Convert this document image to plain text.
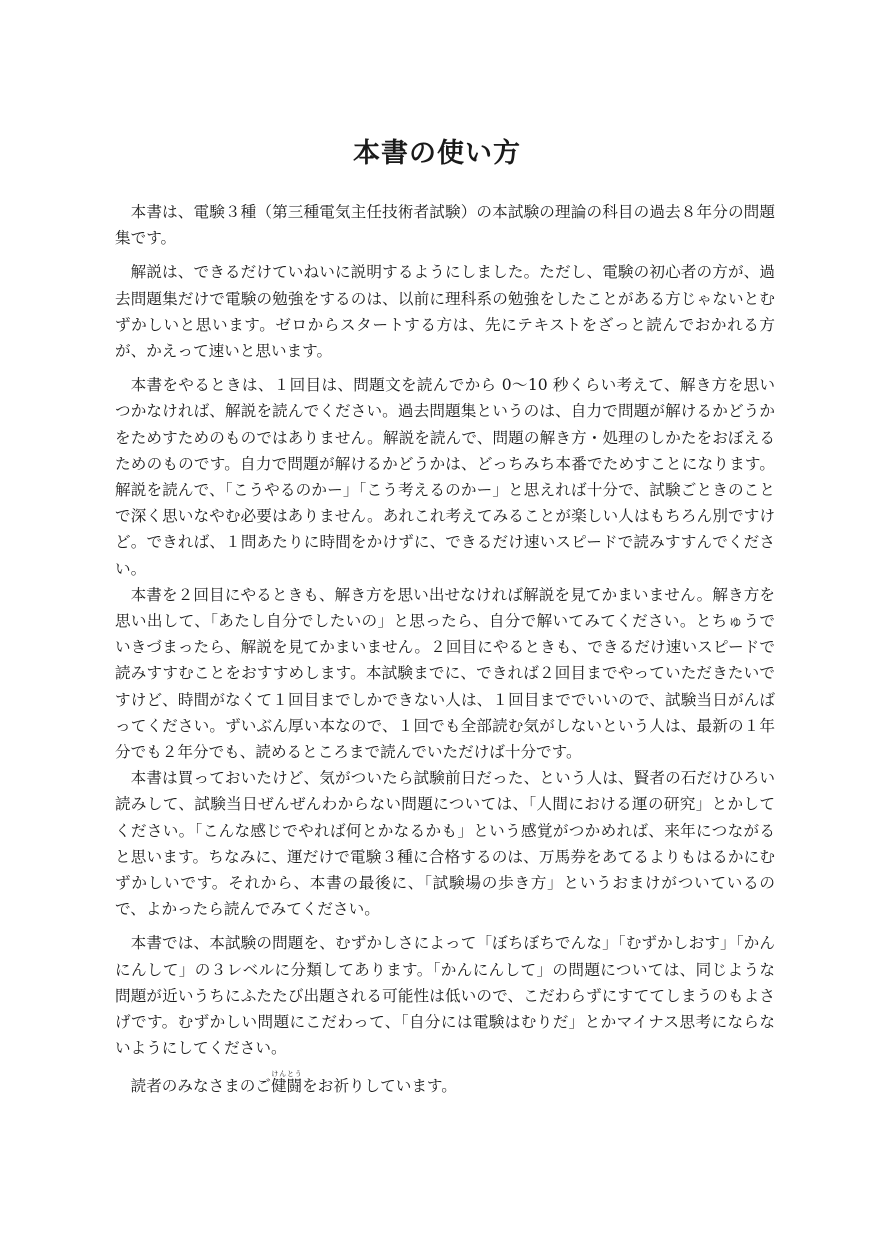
本書の使い方

本書は、電験３種（第三種電気主任技術者試験）の本試験の理論の科目の過去８年分の問題集です。

解説は、できるだけていねいに説明するようにしました。ただし、電験の初心者の方が、過去問題集だけで電験の勉強をするのは、以前に理科系の勉強をしたことがある方じゃないとむずかしいと思います。ゼロからスタートする方は、先にテキストをざっと読んでおかれる方が、かえって速いと思います。

本書をやるときは、１回目は、問題文を読んでから 0〜10 秒くらい考えて、解き方を思いつかなければ、解説を読んでください。過去問題集というのは、自力で問題が解けるかどうかをためすためのものではありません。解説を読んで、問題の解き方・処理のしかたをおぼえるためのものです。自力で問題が解けるかどうかは、どっちみち本番でためすことになります。解説を読んで、「こうやるのかー」「こう考えるのかー」と思えれば十分で、試験ごときのことで深く思いなやむ必要はありません。あれこれ考えてみることが楽しい人はもちろん別ですけど。できれば、１問あたりに時間をかけずに、できるだけ速いスピードで読みすすんでください。

本書を２回目にやるときも、解き方を思い出せなければ解説を見てかまいません。解き方を思い出して、「あたし自分でしたいの」と思ったら、自分で解いてみてください。とちゅうでいきづまったら、解説を見てかまいません。２回目にやるときも、できるだけ速いスピードで読みすすむことをおすすめします。本試験までに、できれば２回目までやっていただきたいですけど、時間がなくて１回目までしかできない人は、１回目まででいいので、試験当日がんばってください。ずいぶん厚い本なので、１回でも全部読む気がしないという人は、最新の１年分でも２年分でも、読めるところまで読んでいただけば十分です。

本書は買っておいたけど、気がついたら試験前日だった、という人は、賢者の石だけひろい読みして、試験当日ぜんぜんわからない問題については、「人間における運の研究」とかしてください。「こんな感じでやれば何とかなるかも」という感覚がつかめれば、来年につながると思います。ちなみに、運だけで電験３種に合格するのは、万馬券をあてるよりもはるかにむずかしいです。それから、本書の最後に、「試験場の歩き方」というおまけがついているので、よかったら読んでみてください。

本書では、本試験の問題を、むずかしさによって「ぼちぼちでんな」「むずかしおす」「かんにんして」の３レベルに分類してあります。「かんにんして」の問題については、同じような問題が近いうちにふたたび出題される可能性は低いので、こだわらずにすててしまうのもよさげです。むずかしい問題にこだわって、「自分には電験はむりだ」とかマイナス思考にならないようにしてください。

読者のみなさまのご健闘けんとうをお祈りしています。
